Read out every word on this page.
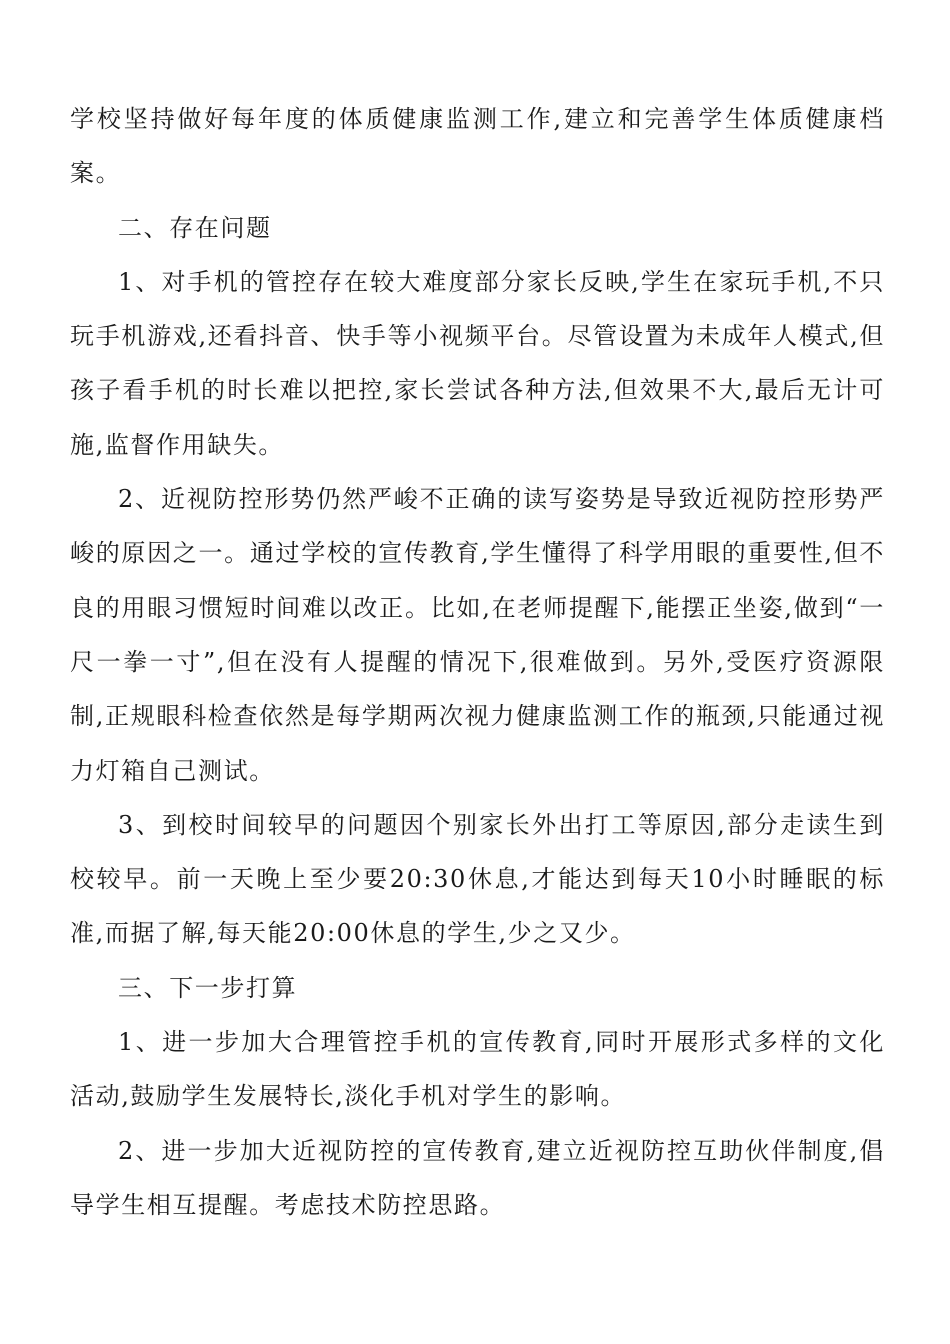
学校坚持做好每年度的体质健康监测工作,建立和完善学生体质健康档案。

二、存在问题

1、对手机的管控存在较大难度部分家长反映,学生在家玩手机,不只玩手机游戏,还看抖音、快手等小视频平台。尽管设置为未成年人模式,但孩子看手机的时长难以把控,家长尝试各种方法,但效果不大,最后无计可施,监督作用缺失。

2、近视防控形势仍然严峻不正确的读写姿势是导致近视防控形势严峻的原因之一。通过学校的宣传教育,学生懂得了科学用眼的重要性,但不良的用眼习惯短时间难以改正。比如,在老师提醒下,能摆正坐姿,做到“一尺一拳一寸”,但在没有人提醒的情况下,很难做到。另外,受医疗资源限制,正规眼科检查依然是每学期两次视力健康监测工作的瓶颈,只能通过视力灯箱自己测试。

3、到校时间较早的问题因个别家长外出打工等原因,部分走读生到校较早。前一天晚上至少要20:30休息,才能达到每天10小时睡眠的标准,而据了解,每天能20:00休息的学生,少之又少。

三、下一步打算

1、进一步加大合理管控手机的宣传教育,同时开展形式多样的文化活动,鼓励学生发展特长,淡化手机对学生的影响。

2、进一步加大近视防控的宣传教育,建立近视防控互助伙伴制度,倡导学生相互提醒。考虑技术防控思路。
